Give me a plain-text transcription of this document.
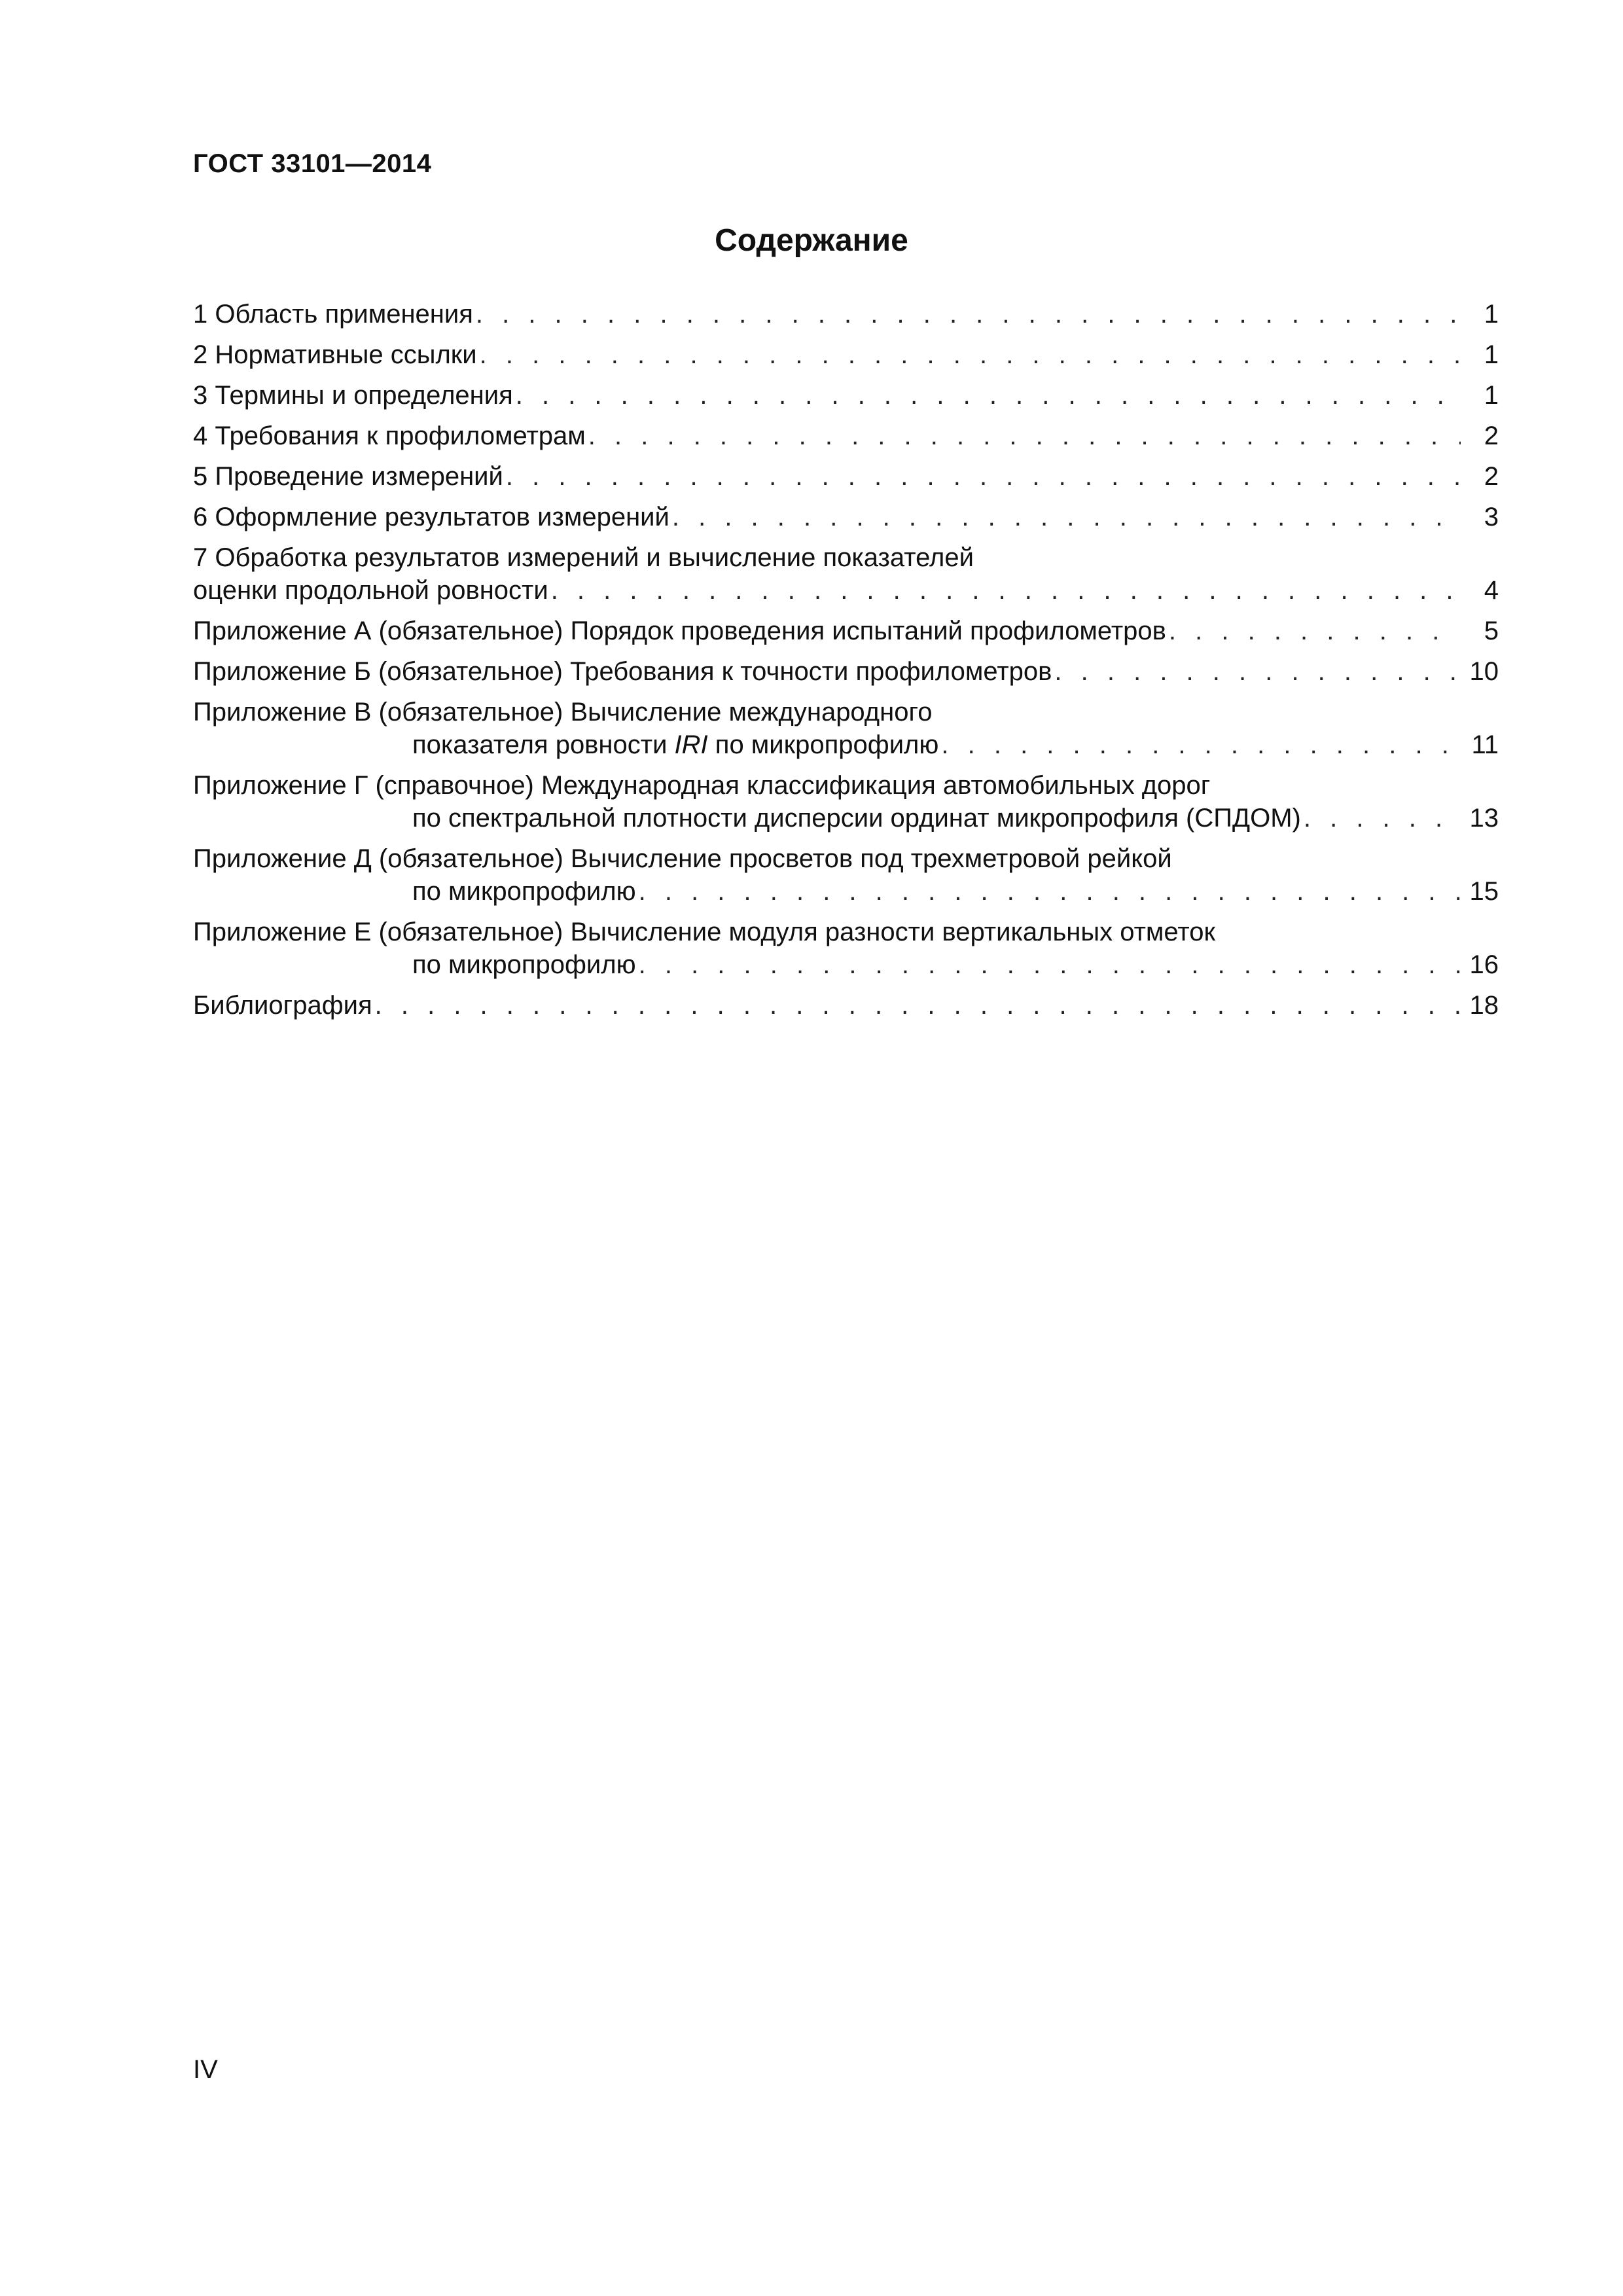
ГОСТ 33101—2014
Содержание
1 Область применения . . .	1
2 Нормативные ссылки . . .	1
3 Термины и определения . . .	1
4 Требования к профилометрам . . .	2
5 Проведение измерений . . .	2
6 Оформление результатов измерений . . .	3
7 Обработка результатов измерений и вычисление показателей
оценки продольной ровности . . .	4
Приложение А (обязательное) Порядок проведения испытаний профилометров . . .	5
Приложение Б (обязательное) Требования к точности профилометров . . .	10
Приложение В (обязательное) Вычисление международного
показателя ровности IRI по микропрофилю . . .	11
Приложение Г (справочное) Международная классификация автомобильных дорог
по спектральной плотности дисперсии ординат микропрофиля (СПДОМ) . . .	13
Приложение Д (обязательное) Вычисление просветов под трехметровой рейкой
по микропрофилю . . .	15
Приложение Е (обязательное) Вычисление модуля разности вертикальных отметок
по микропрофилю . . .	16
Библиография . . .	18
IV
